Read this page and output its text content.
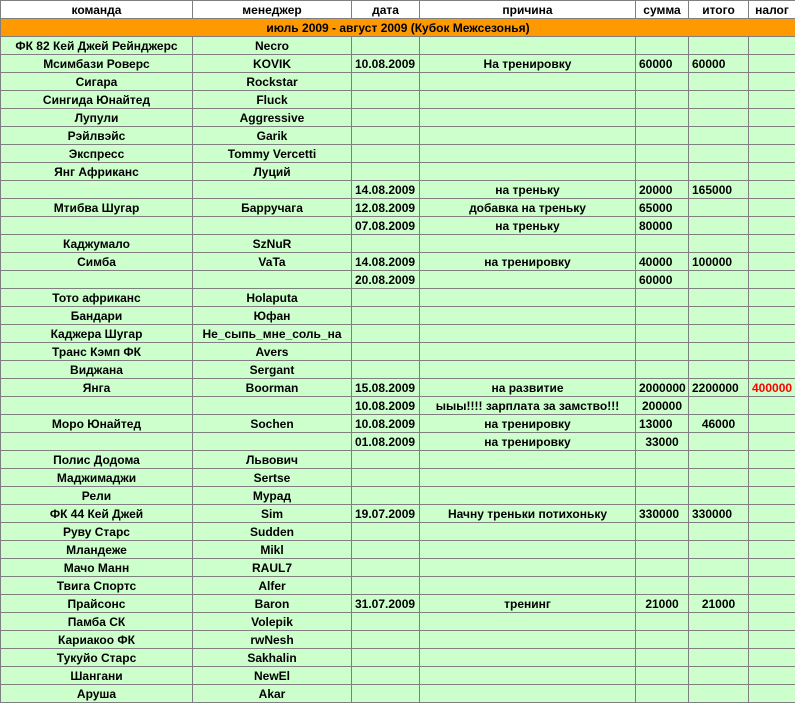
команда	менеджер	дата	причина	сумма	итого	налог
июль 2009 - август 2009 (Кубок Межсезонья)						
ФК 82 Кей Джей Рейнджерс	Necro					
Мсимбази Роверс	KOVIK	10.08.2009	На тренировку	60000	60000	
Сигара	Rockstar					
Сингида Юнайтед	Fluck					
Лупули	Aggressive					
Рэйлвэйс	Garik					
Экспресс	Tommy Vercetti					
Янг Африканс	Луций					
		14.08.2009	на треньку	20000	165000	
Мтибва Шугар	Барручага	12.08.2009	добавка на треньку	65000		
		07.08.2009	на треньку	80000		
Каджумало	SzNuR					
Симба	VaTa	14.08.2009	на тренировку	40000	100000	
		20.08.2009		60000		
Тото африканс	Holaputa					
Бандари	Юфан					
Каджера Шугар	Не_сыпь_мне_соль_на					
Транс Кэмп ФК	Avers					
Виджана	Sergant					
Янга	Boorman	15.08.2009	на развитие	2000000	2200000	400000
		10.08.2009	ыыы!!!! зарплата за замство!!!	200000		
Моро Юнайтед	Sochen	10.08.2009	на тренировку	13000	46000	
		01.08.2009	на тренировку	33000		
Полис Додома	Львович					
Маджимаджи	Sertse					
Рели	Мурад					
ФК 44 Кей Джей	Sim	19.07.2009	Начну треньки потихоньку	330000	330000	
Руву Старс	Sudden					
Мландеже	Mikl					
Мачо Манн	RAUL7					
Твига Спортс	Alfer					
Прайсонс	Baron	31.07.2009	тренинг	21000	21000	
Памба СК	Volepik					
Кариакоо ФК	rwNesh					
Тукуйо Старс	Sakhalin					
Шангани	NewEl					
Аруша	Akar					
